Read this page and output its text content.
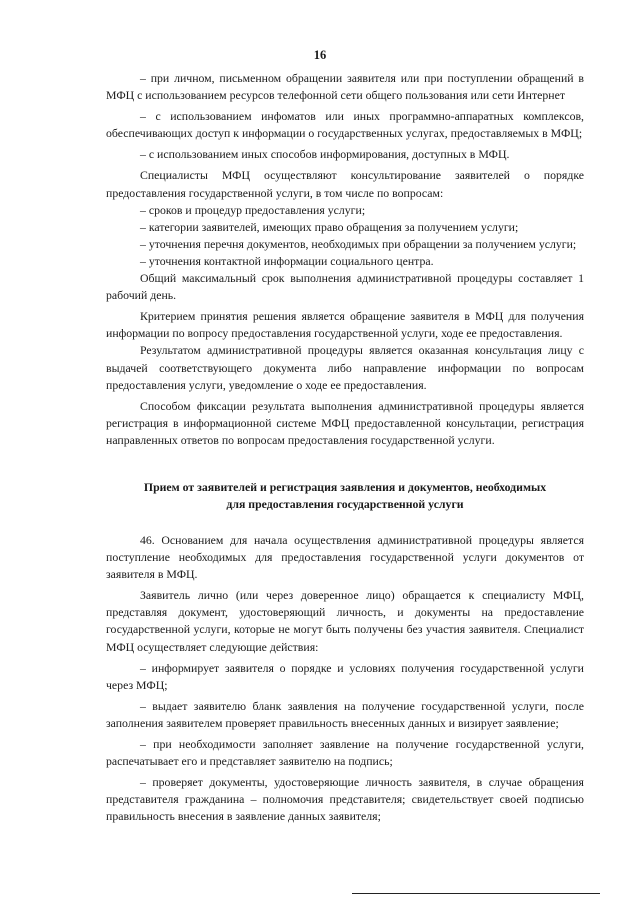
16

– при личном, письменном обращении заявителя или при поступлении обращений в МФЦ с использованием ресурсов телефонной сети общего пользования или сети Интернет

– с использованием инфоматов или иных программно-аппаратных комплексов, обеспечивающих доступ к информации о государственных услугах, предоставляемых в МФЦ;

– с использованием иных способов информирования, доступных в МФЦ.

Специалисты МФЦ осуществляют консультирование заявителей о порядке предоставления государственной услуги, в том числе по вопросам:

– сроков и процедур предоставления услуги;

– категории заявителей, имеющих право обращения за получением услуги;

– уточнения перечня документов, необходимых при обращении за получением услуги;

– уточнения контактной информации социального центра.

Общий максимальный срок выполнения административной процедуры составляет 1 рабочий день.

Критерием принятия решения является обращение заявителя в МФЦ для получения информации по вопросу предоставления государственной услуги, ходе ее предоставления.

Результатом административной процедуры является оказанная консультация лицу с выдачей соответствующего документа либо направление информации по вопросам предоставления услуги, уведомление о ходе ее предоставления.

Способом фиксации результата выполнения административной процедуры является регистрация в информационной системе МФЦ предоставленной консультации, регистрация направленных ответов по вопросам предоставления государственной услуги.

Прием от заявителей и регистрация заявления и документов, необходимых
для предоставления государственной услуги

46. Основанием для начала осуществления административной процедуры является поступление необходимых для предоставления государственной услуги документов от заявителя в МФЦ.

Заявитель лично (или через доверенное лицо) обращается к специалисту МФЦ, представляя документ, удостоверяющий личность, и документы на предоставление государственной услуги, которые не могут быть получены без участия заявителя. Специалист МФЦ осуществляет следующие действия:

– информирует заявителя о порядке и условиях получения государственной услуги через МФЦ;

– выдает заявителю бланк заявления на получение государственной услуги, после заполнения заявителем проверяет правильность внесенных данных и визирует заявление;

– при необходимости заполняет заявление на получение государственной услуги, распечатывает его и представляет заявителю на подпись;

– проверяет документы, удостоверяющие личность заявителя, в случае обращения представителя гражданина – полномочия представителя; свидетельствует своей подписью правильность внесения в заявление данных заявителя;
